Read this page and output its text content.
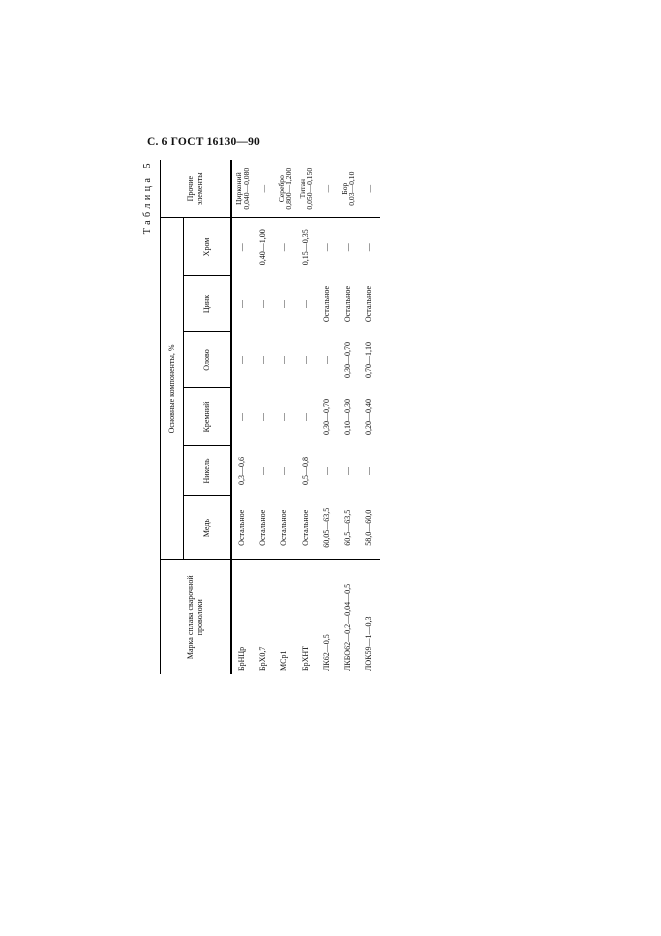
С. 6 ГОСТ 16130—90
Таблица 5
Марка сплава сварочной проволоки	Основные компоненты, %						Прочие элементы
	Медь	Никель	Кремний	Олово	Цинк	Хром	
БрНЦр	Остальное	0,3—0,6	—	—	—	—	Цирконий
0,040—0,080

БрХ0,7	Остальное	—	—	—	—	0,40—1,00	—

МСр1	Остальное	—	—	—	—	—	Серебро
0,800—1,200

БрХНТ	Остальное	0,5—0,8	—	—	—	0,15—0,35	Титан
0,050—0,150

ЛК62—0,5	60,05—63,5	—	0,30—0,70	—	Остальное	—	—

ЛКБО62—0,2—0,04—0,5	60,5—63,5	—	0,10—0,30	0,30—0,70	Остальное	—	Бор
0,03—0,10

ЛОК59—1—0,3	58,0—60,0	—	0,20—0,40	0,70—1,10	Остальное	—	—
